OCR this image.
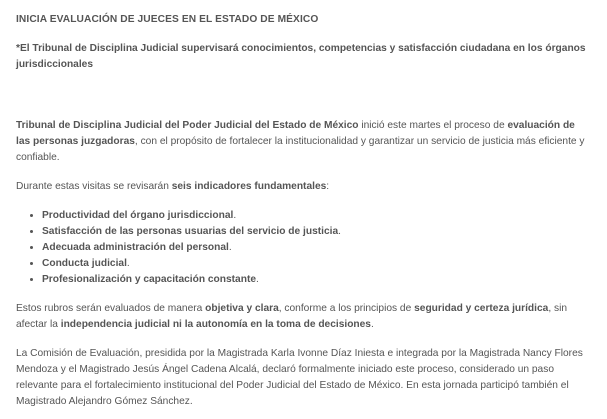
INICIA EVALUACIÓN DE JUECES EN EL ESTADO DE MÉXICO
*El Tribunal de Disciplina Judicial supervisará conocimientos, competencias y satisfacción ciudadana en los órganos jurisdiccionales

Tribunal de Disciplina Judicial del Poder Judicial del Estado de México inició este martes el proceso de evaluación de las personas juzgadoras, con el propósito de fortalecer la institucionalidad y garantizar un servicio de justicia más eficiente y confiable.

Durante estas visitas se revisarán seis indicadores fundamentales:

• Productividad del órgano jurisdiccional.
• Satisfacción de las personas usuarias del servicio de justicia.
• Adecuada administración del personal.
• Conducta judicial.
• Profesionalización y capacitación constante.

Estos rubros serán evaluados de manera objetiva y clara, conforme a los principios de seguridad y certeza jurídica, sin afectar la independencia judicial ni la autonomía en la toma de decisiones.

La Comisión de Evaluación, presidida por la Magistrada Karla Ivonne Díaz Iniesta e integrada por la Magistrada Nancy Flores Mendoza y el Magistrado Jesús Ángel Cadena Alcalá, declaró formalmente iniciado este proceso, considerado un paso relevante para el fortalecimiento institucional del Poder Judicial del Estado de México. En esta jornada participó también el Magistrado Alejandro Gómez Sánchez.
